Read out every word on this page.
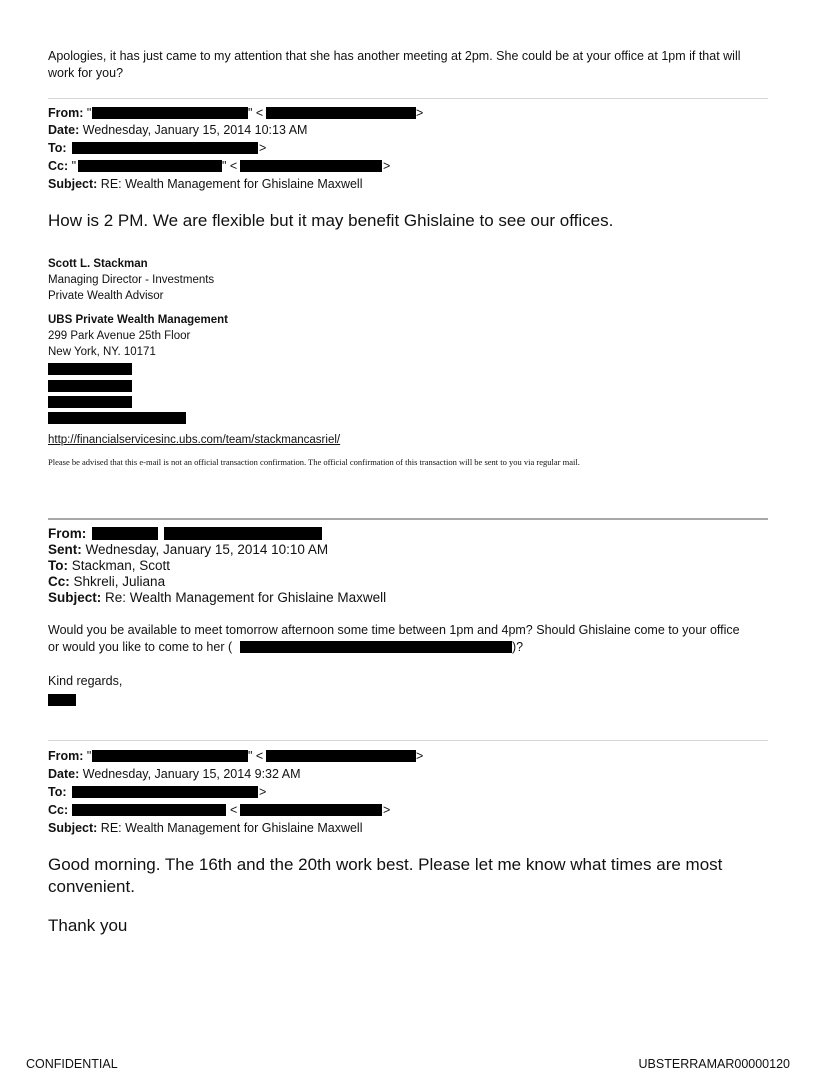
Apologies, it has just came to my attention that she has another meeting at 2pm. She could be at your office at 1pm if that will
work for you?
From: "	" <	>
Date: Wednesday, January 15, 2014 10:13 AM
To:	>
Cc: "	" <	>
Subject: RE: Wealth Management for Ghislaine Maxwell
How is 2 PM. We are flexible but it may benefit Ghislaine to see our offices.
Scott L. Stackman
Managing Director - Investments
Private Wealth Advisor
UBS Private Wealth Management
299 Park Avenue 25th Floor
New York, NY. 10171
http://financialservicesinc.ubs.com/team/stackmancasriel/
Please be advised that this e-mail is not an official transaction confirmation. The official confirmation of this transaction will be sent to you via regular mail.
From:
Sent: Wednesday, January 15, 2014 10:10 AM
To: Stackman, Scott
Cc: Shkreli, Juliana
Subject: Re: Wealth Management for Ghislaine Maxwell
Would you be available to meet tomorrow afternoon some time between 1pm and 4pm? Should Ghislaine come to your office
or would you like to come to her (	)?
Kind regards,
From: "	" <	>
Date: Wednesday, January 15, 2014 9:32 AM
To:	>
Cc:	<	>
Subject: RE: Wealth Management for Ghislaine Maxwell
Good morning. The 16th and the 20th work best. Please let me know what times are most
convenient.
Thank you
CONFIDENTIAL	UBSTERRAMAR00000120
